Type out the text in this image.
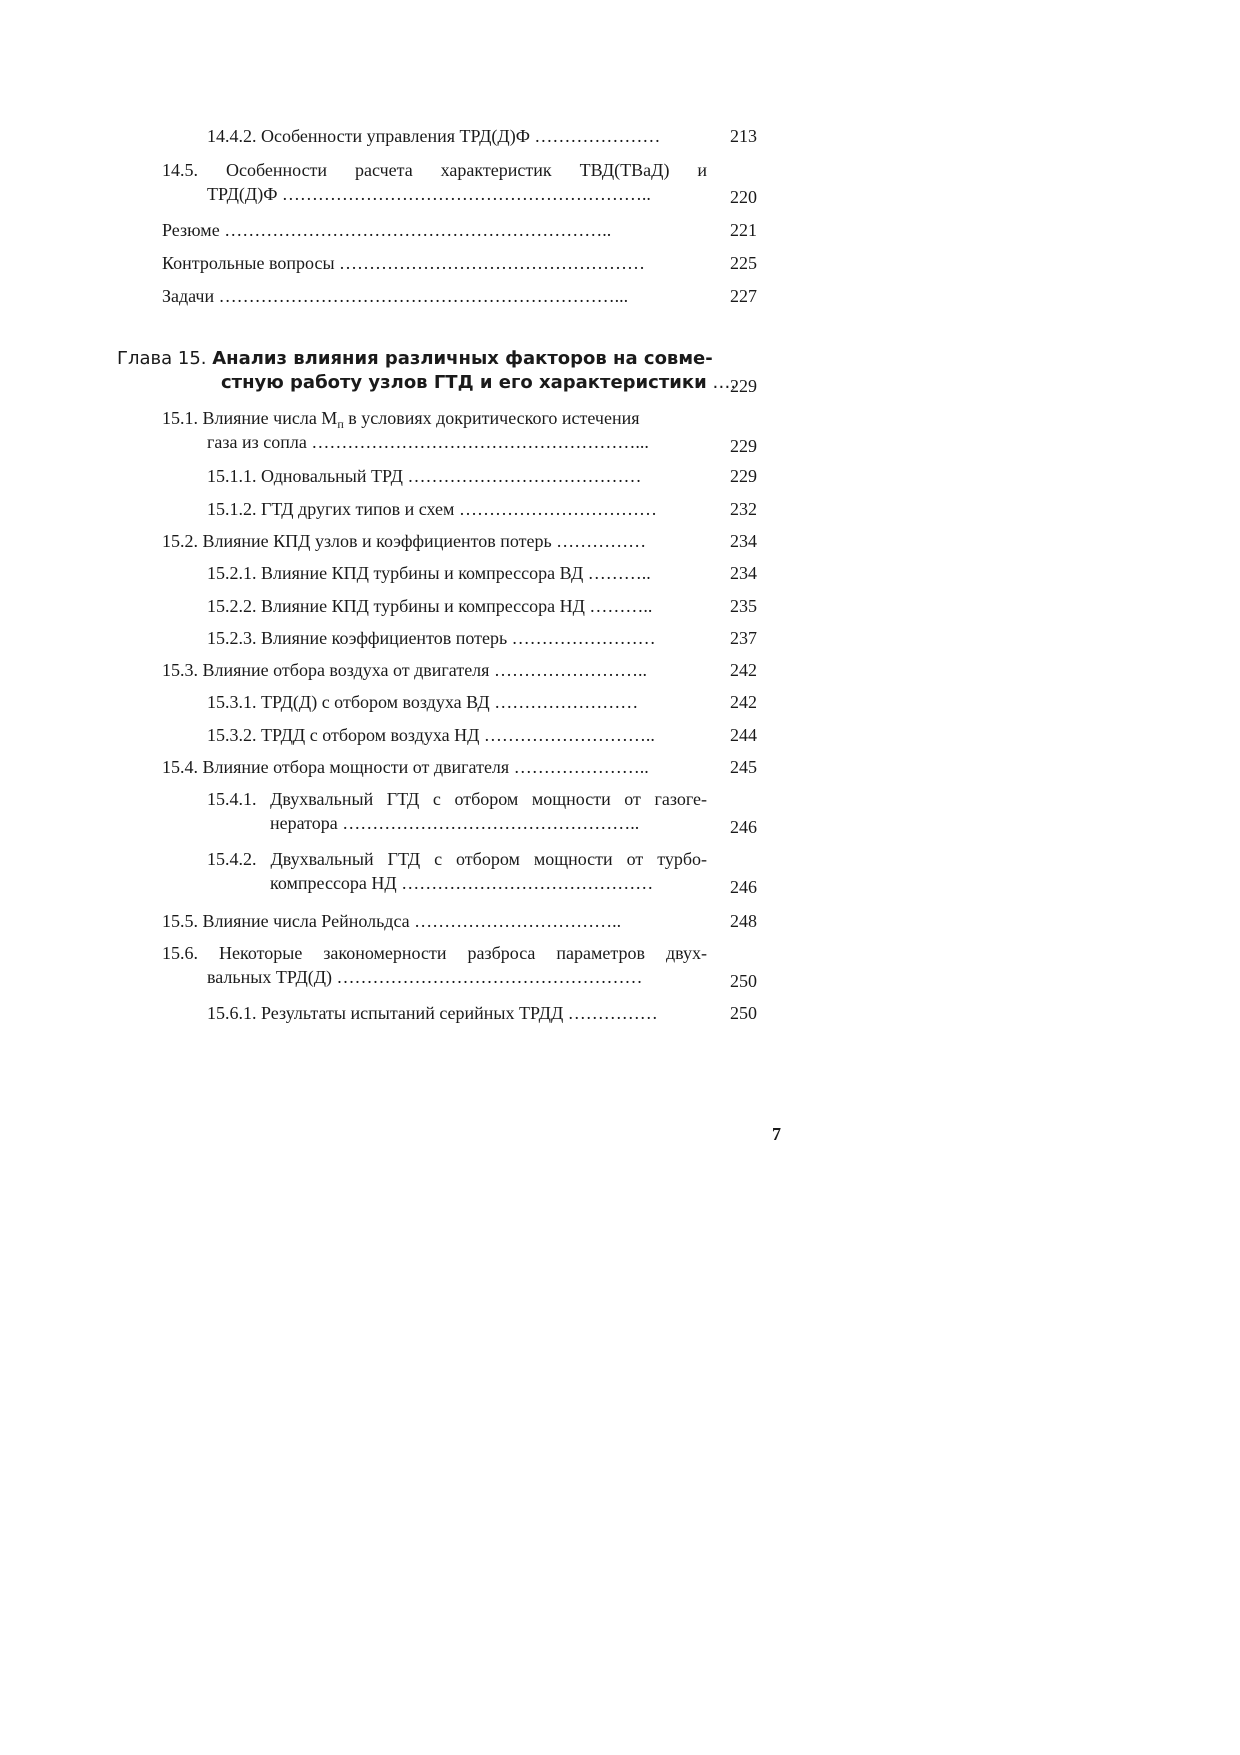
14.4.2. Особенности управления ТРД(Д)Ф …………………	213
14.5. Особенности расчета характеристик ТВД(ТВаД) и
ТРД(Д)Ф ……………………………………………………..	220
Резюме ………………………………………………………..	221
Контрольные вопросы ……………………………………………	225
Задачи …………………………………………………………...	227
Глава 15. Анализ влияния различных факторов на совме-
стную работу узлов ГТД и его характеристики ….
229
15.1. Влияние числа $М_п$ в условиях докритического истечения
газа из сопла ………………………………………………...	229
15.1.1. Одновальный ТРД …………………………………	229
15.1.2. ГТД других типов и схем ……………………………	232
15.2. Влияние КПД узлов и коэффициентов потерь ……………	234
15.2.1. Влияние КПД турбины и компрессора ВД ………..	234
15.2.2. Влияние КПД турбины и компрессора НД ………..	235
15.2.3. Влияние коэффициентов потерь ……………………	237
15.3. Влияние отбора воздуха от двигателя ……………………..	242
15.3.1. ТРД(Д) с отбором воздуха ВД ……………………	242
15.3.2. ТРДД с отбором воздуха НД ………………………..	244
15.4. Влияние отбора мощности от двигателя …………………..	245
15.4.1. Двухвальный ГТД с отбором мощности от газоге-
нератора …………………………………………..	246
15.4.2. Двухвальный ГТД с отбором мощности от турбо-
компрессора НД ……………………………………	246
15.5. Влияние числа Рейнольдса ……………………………..	248
15.6. Некоторые закономерности разброса параметров двух-
вальных ТРД(Д) ……………………………………………	250
15.6.1. Результаты испытаний серийных ТРДД ……………	250
7
